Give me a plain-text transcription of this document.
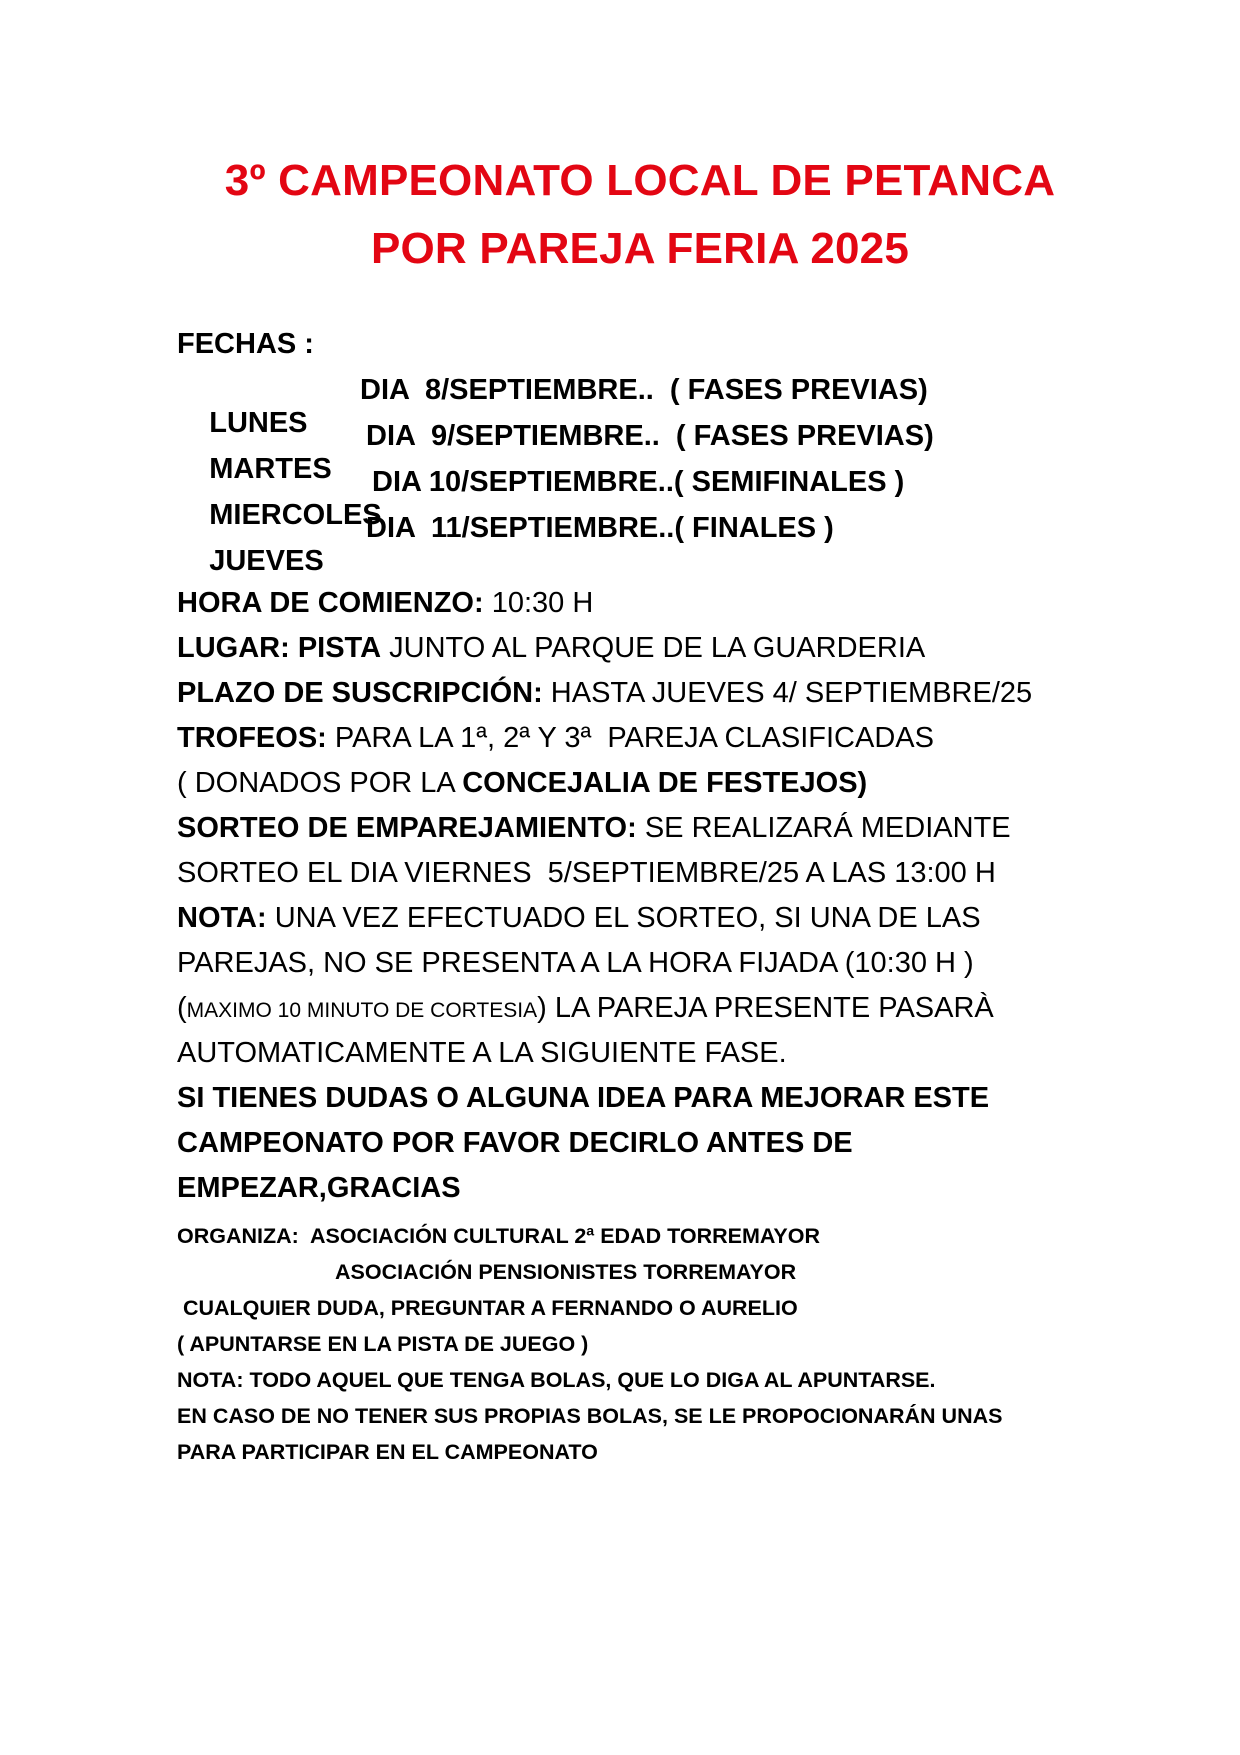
3º CAMPEONATO LOCAL DE PETANCA
POR PAREJA FERIA 2025
FECHAS :

LUNES

DIA  8/SEPTIEMBRE..  ( FASES PREVIAS)

MARTES

DIA  9/SEPTIEMBRE..  ( FASES PREVIAS)

MIERCOLES

DIA 10/SEPTIEMBRE..( SEMIFINALES )

JUEVES

DIA  11/SEPTIEMBRE..( FINALES )

HORA DE COMIENZO: 10:30 H
LUGAR: PISTA JUNTO AL PARQUE DE LA GUARDERIA
PLAZO DE SUSCRIPCIÓN: HASTA JUEVES 4/ SEPTIEMBRE/25
TROFEOS: PARA LA 1ª, 2ª Y 3ª  PAREJA CLASIFICADAS
( DONADOS POR LA CONCEJALIA DE FESTEJOS)
SORTEO DE EMPAREJAMIENTO: SE REALIZARÁ MEDIANTE
SORTEO EL DIA VIERNES  5/SEPTIEMBRE/25 A LAS 13:00 H
NOTA: UNA VEZ EFECTUADO EL SORTEO, SI UNA DE LAS
PAREJAS, NO SE PRESENTA A LA HORA FIJADA (10:30 H )
(MAXIMO 10 MINUTO DE CORTESIA) LA PAREJA PRESENTE PASARÀ
AUTOMATICAMENTE A LA SIGUIENTE FASE.
SI TIENES DUDAS O ALGUNA IDEA PARA MEJORAR ESTE
CAMPEONATO POR FAVOR DECIRLO ANTES DE
EMPEZAR,GRACIAS
ORGANIZA:  ASOCIACIÓN CULTURAL 2ª EDAD TORREMAYOR
ASOCIACIÓN PENSIONISTES TORREMAYOR
CUALQUIER DUDA, PREGUNTAR A FERNANDO O AURELIO
( APUNTARSE EN LA PISTA DE JUEGO )
NOTA: TODO AQUEL QUE TENGA BOLAS, QUE LO DIGA AL APUNTARSE.
EN CASO DE NO TENER SUS PROPIAS BOLAS, SE LE PROPOCIONARÁN UNAS
PARA PARTICIPAR EN EL CAMPEONATO
